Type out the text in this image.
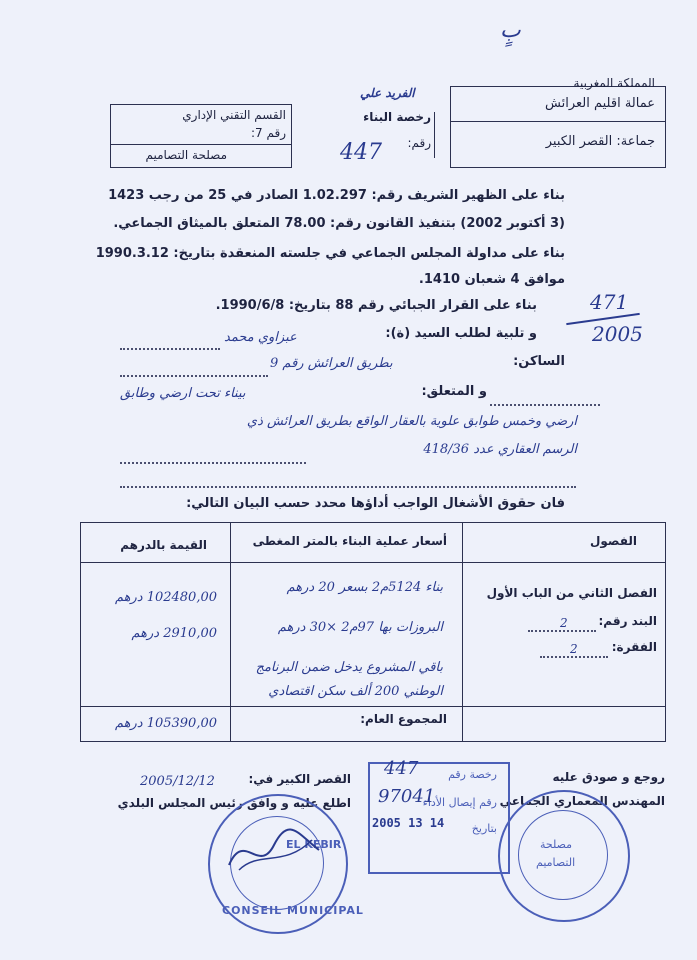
بٍ
المملكة المغربية
عمالة اقليم العرائش
جماعة: القصر الكبير
الفريد علي
رخصة البناء
رقم:
447
القسم التقني الإداري
رقم 7:
مصلحة التصاميم
بناء على الظهير الشريف رقم: 1.02.297 الصادر في 25 من رجب 1423
(3 أكتوبر 2002) بتنفيذ القانون رقم: 78.00 المتعلق بالميثاق الجماعي.
بناء على مداولة المجلس الجماعي في جلسته المنعقدة بتاريخ: 1990.3.12
موافق 4 شعبان 1410.
بناء على القرار الجبائي رقم 88 بتاريخ: 1990/6/8.	471
2005
و تلبية لطلب السيد (ة):
عبزاوي محمد
الساكن:
بطريق العرائش رقم 9
و المتعلق:
بيناء تحت ارضي وطابق
ارضي وخمس طوابق علوية بالعقار الواقع بطريق العرائش ذي
الرسم العقاري عدد 418/36
فان حقوق الأشغال الواجب أداؤها محدد حسب البيان التالي:
الفصول
أسعار عملية البناء بالمتر المغطى
القيمة بالدرهم
الفصل الثاني من الباب الأول
البند رقم:
2
الفقرة:
2
بناء 5124م2 بسعر 20 درهم
البروزات بها 97م2 ×30 درهم
باقي المشروع يدخل ضمن البرنامج
الوطني 200 ألف سكن اقتصادي
102480,00 درهم
2910,00 درهم
المجموع العام:
105390,00 درهم
روجع و صودق عليه
المهندس المعماري الجماعي
رخصة رقم
447
رقم إيصال الأداء
97041
بتاريخ
2005 13 14
مصلحة
التصاميم
القصر الكبير في:
2005/12/12
اطلع عليه و وافق رئيس المجلس البلدي
CONSEIL MUNICIPAL
EL KEBIR
